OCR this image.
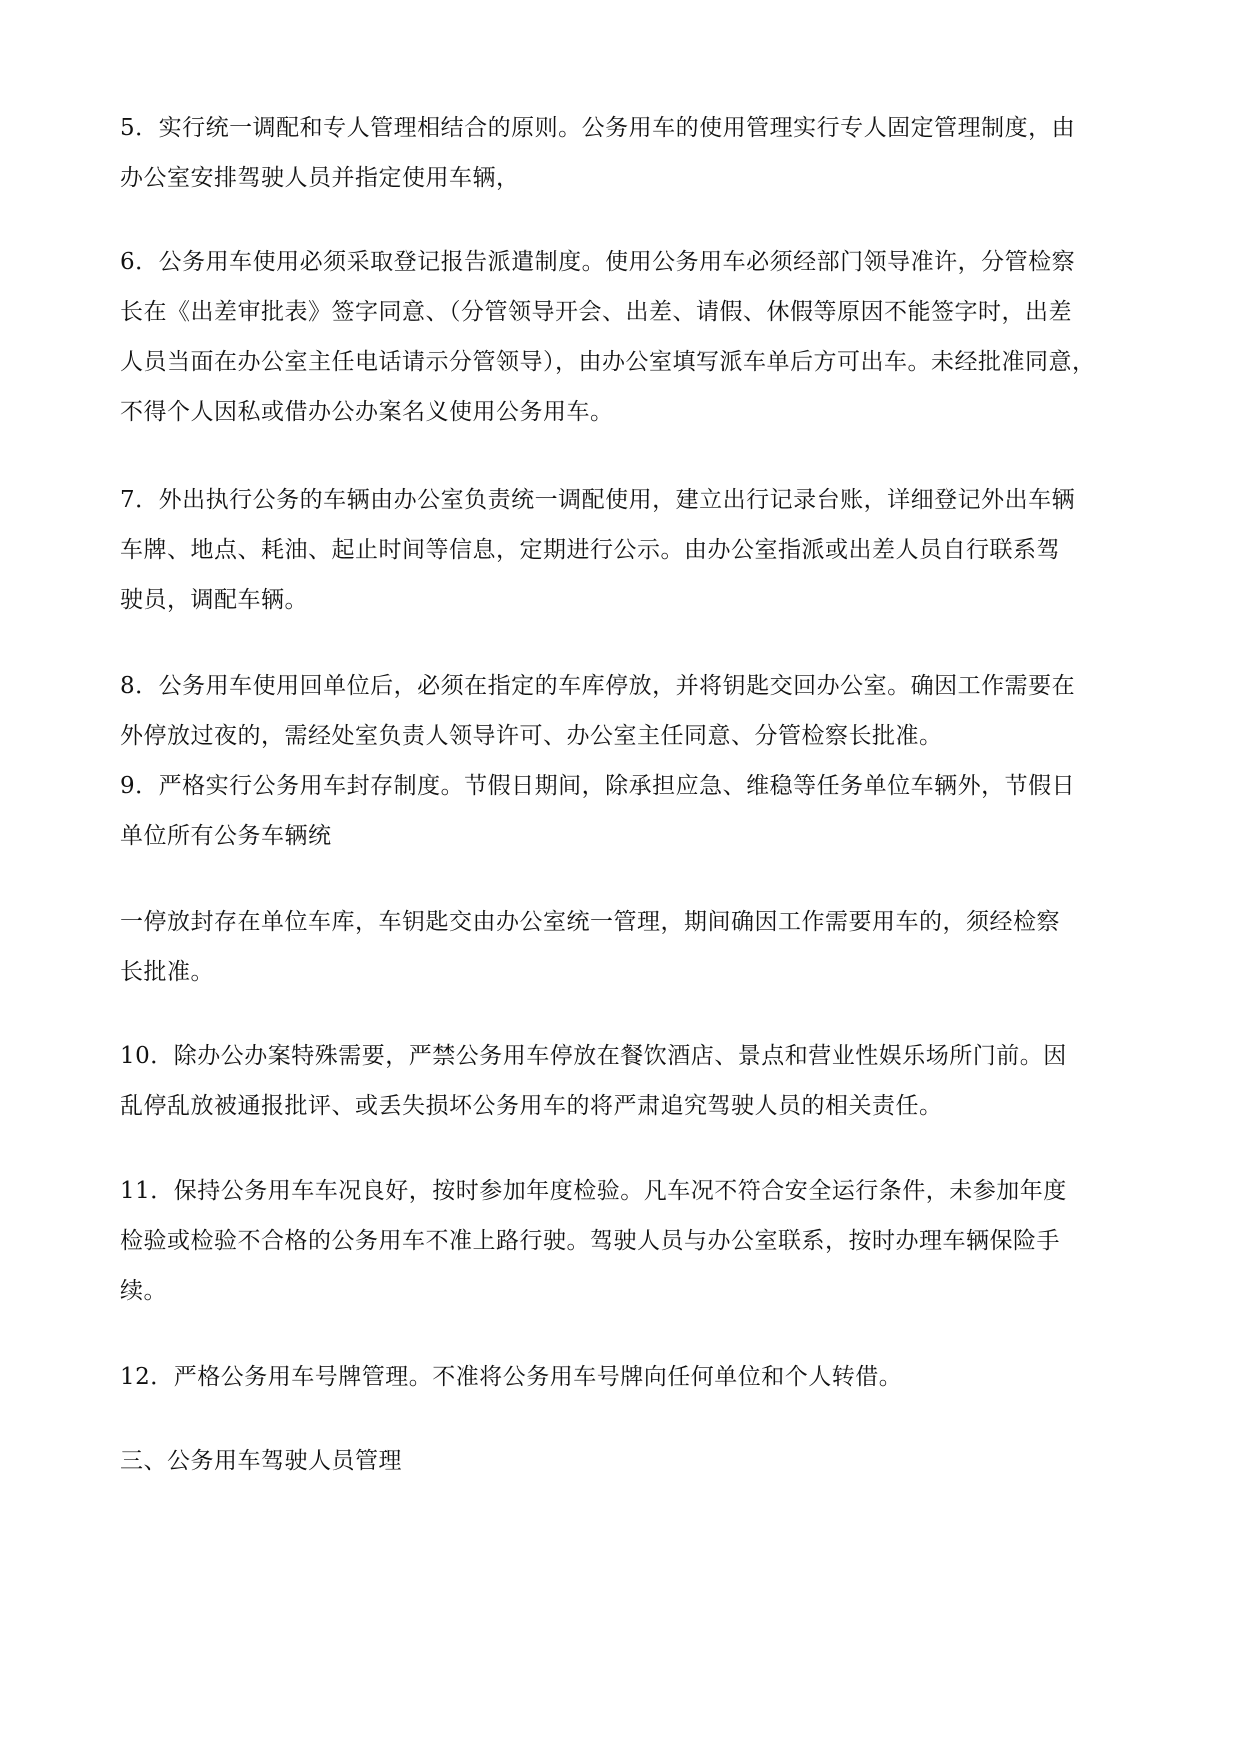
5．实行统一调配和专人管理相结合的原则。公务用车的使用管理实行专人固定管理制度，由
办公室安排驾驶人员并指定使用车辆，

6．公务用车使用必须采取登记报告派遣制度。使用公务用车必须经部门领导准许，分管检察
长在《出差审批表》签字同意、（分管领导开会、出差、请假、休假等原因不能签字时，出差
人员当面在办公室主任电话请示分管领导），由办公室填写派车单后方可出车。未经批准同意，
不得个人因私或借办公办案名义使用公务用车。

7．外出执行公务的车辆由办公室负责统一调配使用，建立出行记录台账，详细登记外出车辆
车牌、地点、耗油、起止时间等信息，定期进行公示。由办公室指派或出差人员自行联系驾
驶员，调配车辆。

8．公务用车使用回单位后，必须在指定的车库停放，并将钥匙交回办公室。确因工作需要在
外停放过夜的，需经处室负责人领导许可、办公室主任同意、分管检察长批准。
9．严格实行公务用车封存制度。节假日期间，除承担应急、维稳等任务单位车辆外，节假日
单位所有公务车辆统

一停放封存在单位车库，车钥匙交由办公室统一管理，期间确因工作需要用车的，须经检察
长批准。

10．除办公办案特殊需要，严禁公务用车停放在餐饮酒店、景点和营业性娱乐场所门前。因
乱停乱放被通报批评、或丢失损坏公务用车的将严肃追究驾驶人员的相关责任。

11．保持公务用车车况良好，按时参加年度检验。凡车况不符合安全运行条件，未参加年度
检验或检验不合格的公务用车不准上路行驶。驾驶人员与办公室联系，按时办理车辆保险手
续。

12．严格公务用车号牌管理。不准将公务用车号牌向任何单位和个人转借。

三、公务用车驾驶人员管理
